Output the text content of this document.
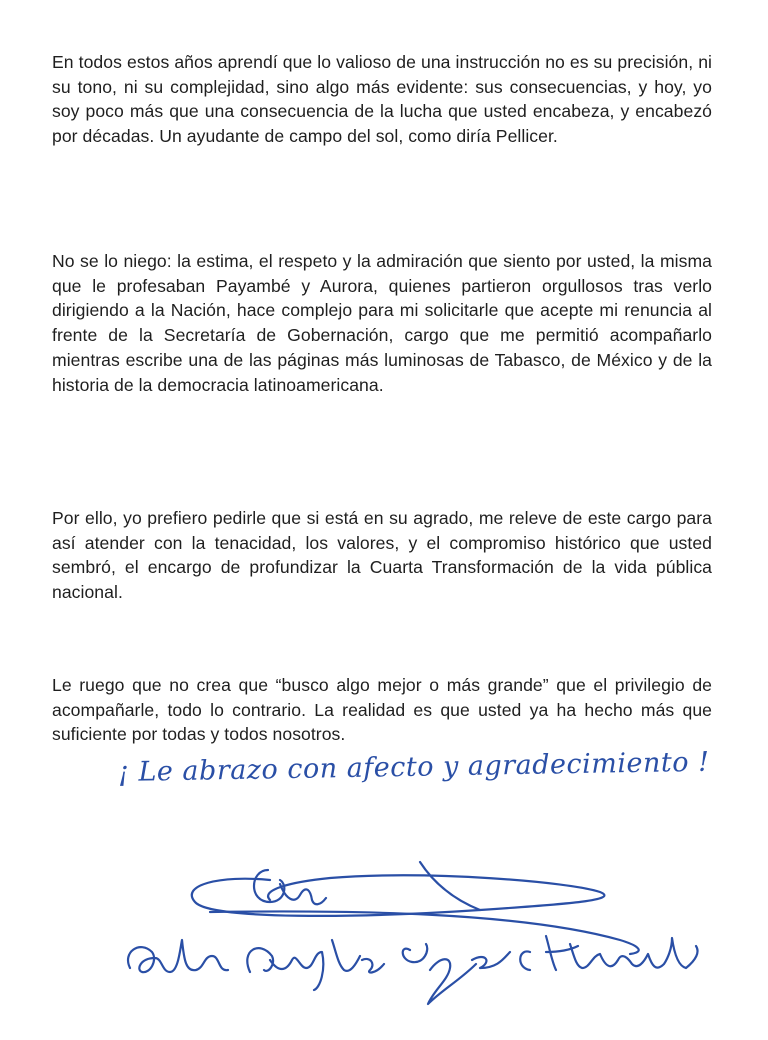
En todos estos años aprendí que lo valioso de una instrucción no es su precisión, ni su tono, ni su complejidad, sino algo más evidente: sus consecuencias, y hoy, yo soy poco más que una consecuencia de la lucha que usted encabeza, y encabezó por décadas. Un ayudante de campo del sol, como diría Pellicer.

No se lo niego: la estima, el respeto y la admiración que siento por usted, la misma que le profesaban Payambé y Aurora, quienes partieron orgullosos tras verlo dirigiendo a la Nación, hace complejo para mi solicitarle que acepte mi renuncia al frente de la Secretaría de Gobernación, cargo que me permitió acompañarlo mientras escribe una de las páginas más luminosas de Tabasco, de México y de la historia de la democracia latinoamericana.

Por ello, yo prefiero pedirle que si está en su agrado, me releve de este cargo para así atender con la tenacidad, los valores, y el compromiso histórico que usted sembró, el encargo de profundizar la Cuarta Transformación de la vida pública nacional.

Le ruego que no crea que “busco algo mejor o más grande” que el privilegio de acompañarle, todo lo contrario. La realidad es que usted ya ha hecho más que suficiente por todas y todos nosotros.

¡ Le abrazo con afecto y agradecimiento !
